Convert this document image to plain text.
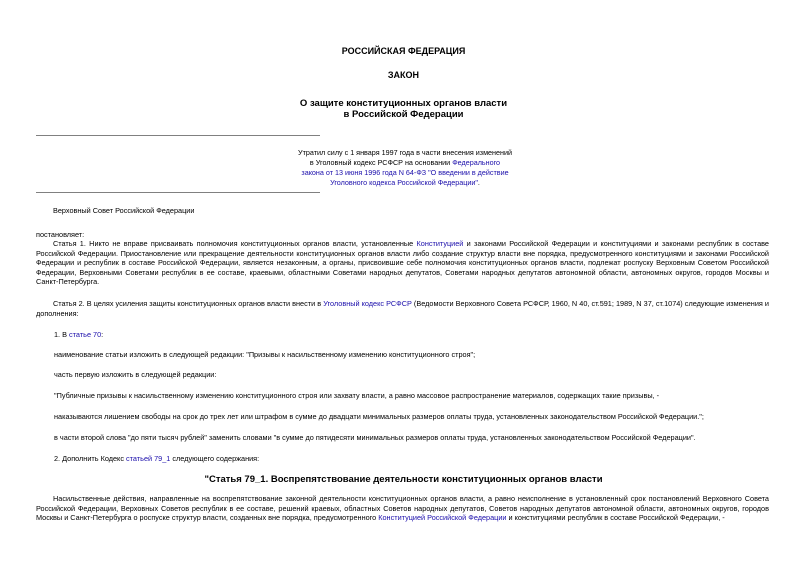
РОССИЙСКАЯ ФЕДЕРАЦИЯ
ЗАКОН
О защите конституционных органов власти
в Российской Федерации
Утратил силу с 1 января 1997 года в части внесения изменений
в Уголовный кодекс РСФСР на основании Федерального
закона от 13 июня 1996 года N 64-ФЗ "О введении в действие
Уголовного кодекса Российской Федерации".
Верховный Совет Российской Федерации
постановляет:
Статья 1. Никто не вправе присваивать полномочия конституционных органов власти, установленные Конституцией и законами Российской Федерации и конституциями и законами республик в составе Российской Федерации. Приостановление или прекращение деятельности конституционных органов власти либо создание структур власти вне порядка, предусмотренного конституциями и законами Российской Федерации и республик в составе Российской Федерации, является незаконным, а органы, присвоившие себе полномочия конституционных органов власти, подлежат роспуску Верховным Советом Российской Федерации, Верховными Советами республик в ее составе, краевыми, областными Советами народных депутатов, Советами народных депутатов автономной области, автономных округов, городов Москвы и Санкт-Петербурга.
Статья 2. В целях усиления защиты конституционных органов власти внести в Уголовный кодекс РСФСР (Ведомости Верховного Совета РСФСР, 1960, N 40, ст.591; 1989, N 37, ст.1074) следующие изменения и дополнения:
1. В статье 70:
наименование статьи изложить в следующей редакции: "Призывы к насильственному изменению конституционного строя";
часть первую изложить в следующей редакции:
"Публичные призывы к насильственному изменению конституционного строя или захвату власти, а равно массовое распространение материалов, содержащих такие призывы, -
наказываются лишением свободы на срок до трех лет или штрафом в сумме до двадцати минимальных размеров оплаты труда, установленных законодательством Российской Федерации.";
в части второй слова "до пяти тысяч рублей" заменить словами "в сумме до пятидесяти минимальных размеров оплаты труда, установленных законодательством Российской Федерации".
2. Дополнить Кодекс статьей 79_1 следующего содержания:
"Статья 79_1. Воспрепятствование деятельности конституционных органов власти
Насильственные действия, направленные на воспрепятствование законной деятельности конституционных органов власти, а равно неисполнение в установленный срок постановлений Верховного Совета Российской Федерации, Верховных Советов республик в ее составе, решений краевых, областных Советов народных депутатов, Советов народных депутатов автономной области, автономных округов, городов Москвы и Санкт-Петербурга о роспуске структур власти, созданных вне порядка, предусмотренного Конституцией Российской Федерации и конституциями республик в составе Российской Федерации, -
